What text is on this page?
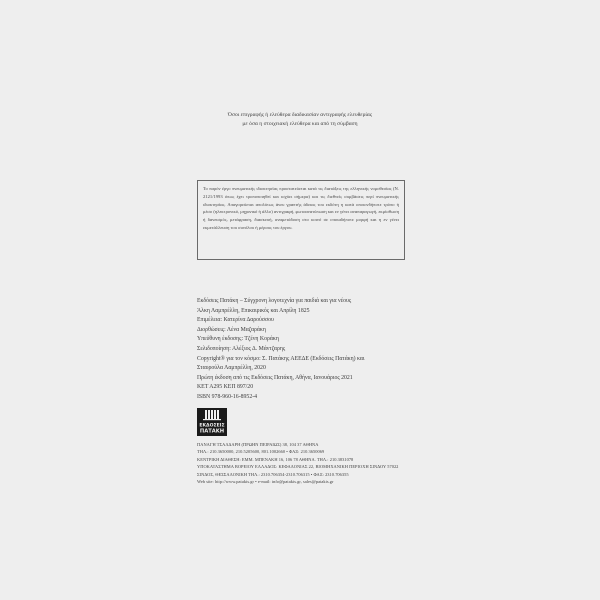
Όσοι επιγραφής ή ελεύθερα διαδικασίαν αντιγραφής ελευθερίας
με όσα η στοιχειακή ελεύθερα και από τη σύμβαση
Το παρόν έργο πνευματικής ιδιοκτησίας προστατεύεται κατά τις διατάξεις της ελληνικής νομοθεσίας (Ν. 2121/1993 όπως έχει τροποποιηθεί και ισχύει σήμερα) και τις διεθνείς συμβάσεις περί πνευματικής ιδιοκτησίας. Απαγορεύεται απολύτως άνευ γραπτής άδειας του εκδότη η κατά οποιονδήποτε τρόπο ή μέσο (ηλεκτρονικό, μηχανικό ή άλλο) αντιγραφή, φωτοανατύπωση και εν γένει αναπαραγωγή, εκμίσθωση ή δανεισμός, μετάφραση, διασκευή, αναμετάδοση στο κοινό σε οποιαδήποτε μορφή και η εν γένει εκμετάλλευση του συνόλου ή μέρους του έργου.
Εκδόσεις Πατάκη – Σύγχρονη λογοτεχνία για παιδιά και για νέους
Άλκη Λαμπρέλλη, Επικαιρικός και Απρίλη 1825
Επιμέλεια: Κατερίνα Δαρούσσου
Διορθώσεις: Λένα Μαζαράκη
Υπεύθυνη έκδοσης: Τζένη Κοράκη
Σελιδοποίηση: Αλέξιος Δ. Μάντζαρης
Copyright® για τον κόσμο: Σ. Πατάκης ΑΕΕΔΕ (Εκδόσεις Πατάκη) και
Σταυρούλα Λαμπρέλλη, 2020
Πρώτη έκδοση από τις Εκδόσεις Πατάκη, Αθήνα, Ιανουάριος 2021
ΚΕΤ Α295 ΚΕΠ 897/20
ISBN 978-960-16-8952-4
ΕΚΔΟΣΕΙΣ
ΠΑΤΑΚΗ
ΠΑΝΑΓΗ ΤΣΑΛΔΑΡΗ (ΠΡΩΗΝ ΠΕΙΡΑΙΩΣ) 38, 104 37 ΑΘΗΝΑ
ΤΗΛ.: 210.3650000, 210.5205600, 801.1002660 • ΦΑΞ: 210.3650069
ΚΕΝΤΡΙΚΗ ΔΙΑΘΕΣΗ: ΕΜΜ. ΜΠΕΝΑΚΗ 16, 106 78 ΑΘΗΝΑ. ΤΗΛ.: 210.3831078
ΥΠΟΚΑΤΑΣΤΗΜΑ ΒΟΡΕΙΟΥ ΕΛΛΑΔΟΣ: ΚΕΦΑΛΟΝΙΑΣ 22, ΒΙΟΜΗΧΑΝΙΚΗ ΠΕΡΙΟΧΗ ΣΙΝΔΟΥ 57022
ΣΙΝΔΟΣ, ΘΕΣΣΑΛΟΝΙΚΗ ΤΗΛ.: 2310.706354-2310.706315 • ΦΑΞ: 2310.706355
Web site: http://www.patakis.gr • e-mail: info@patakis.gr, sales@patakis.gr
